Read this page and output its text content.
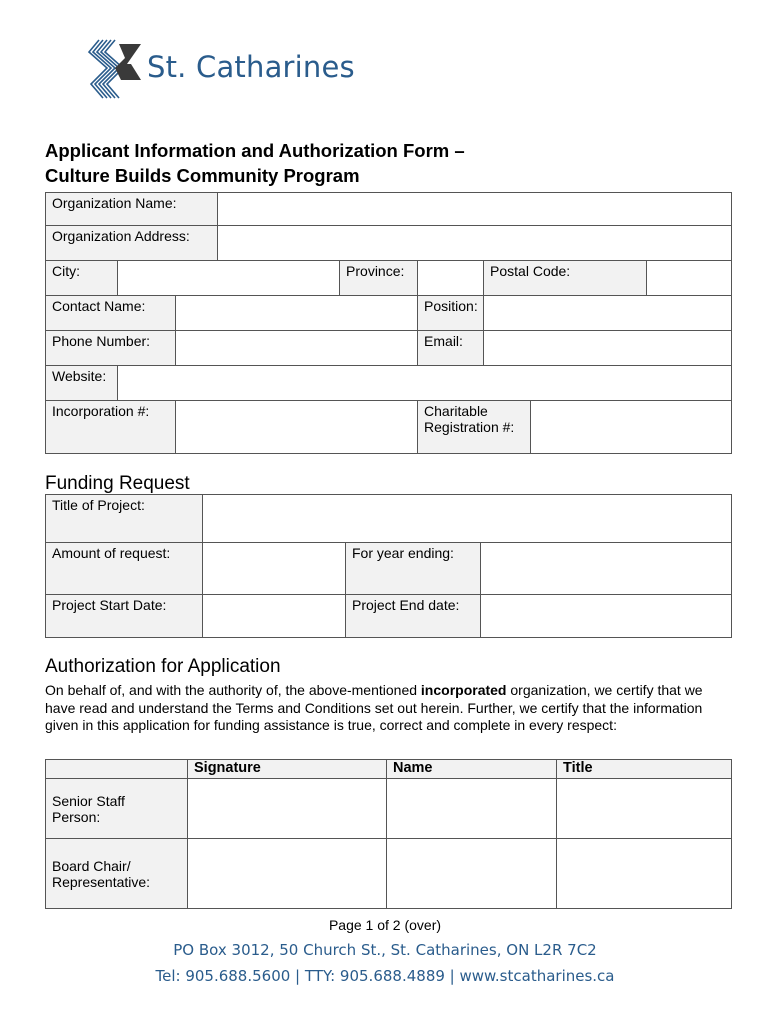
St. Catharines
Applicant Information and Authorization Form –
Culture Builds Community Program
Organization Name:								
Organization Address:								
City:				Province:		Postal Code:		
Contact Name:					Position:			
Phone Number:					Email:			
Website:								
Incorporation #:					Charitable
Registration #:			

Funding Request
Title of Project:			
Amount of request:		For year ending:	
Project Start Date:		Project End date:	
Authorization for Application
On behalf of, and with the authority of, the above-mentioned incorporated organization, we certify that we have read and understand the Terms and Conditions set out herein. Further, we certify that the information given in this application for funding assistance is true, correct and complete in every respect:
	Signature	Name	Title

Senior Staff
Person:			

Board Chair/
Representative:			

Page 1 of 2 (over)
PO Box 3012, 50 Church St., St. Catharines, ON L2R 7C2
Tel: 905.688.5600 | TTY: 905.688.4889 | www.stcatharines.ca
